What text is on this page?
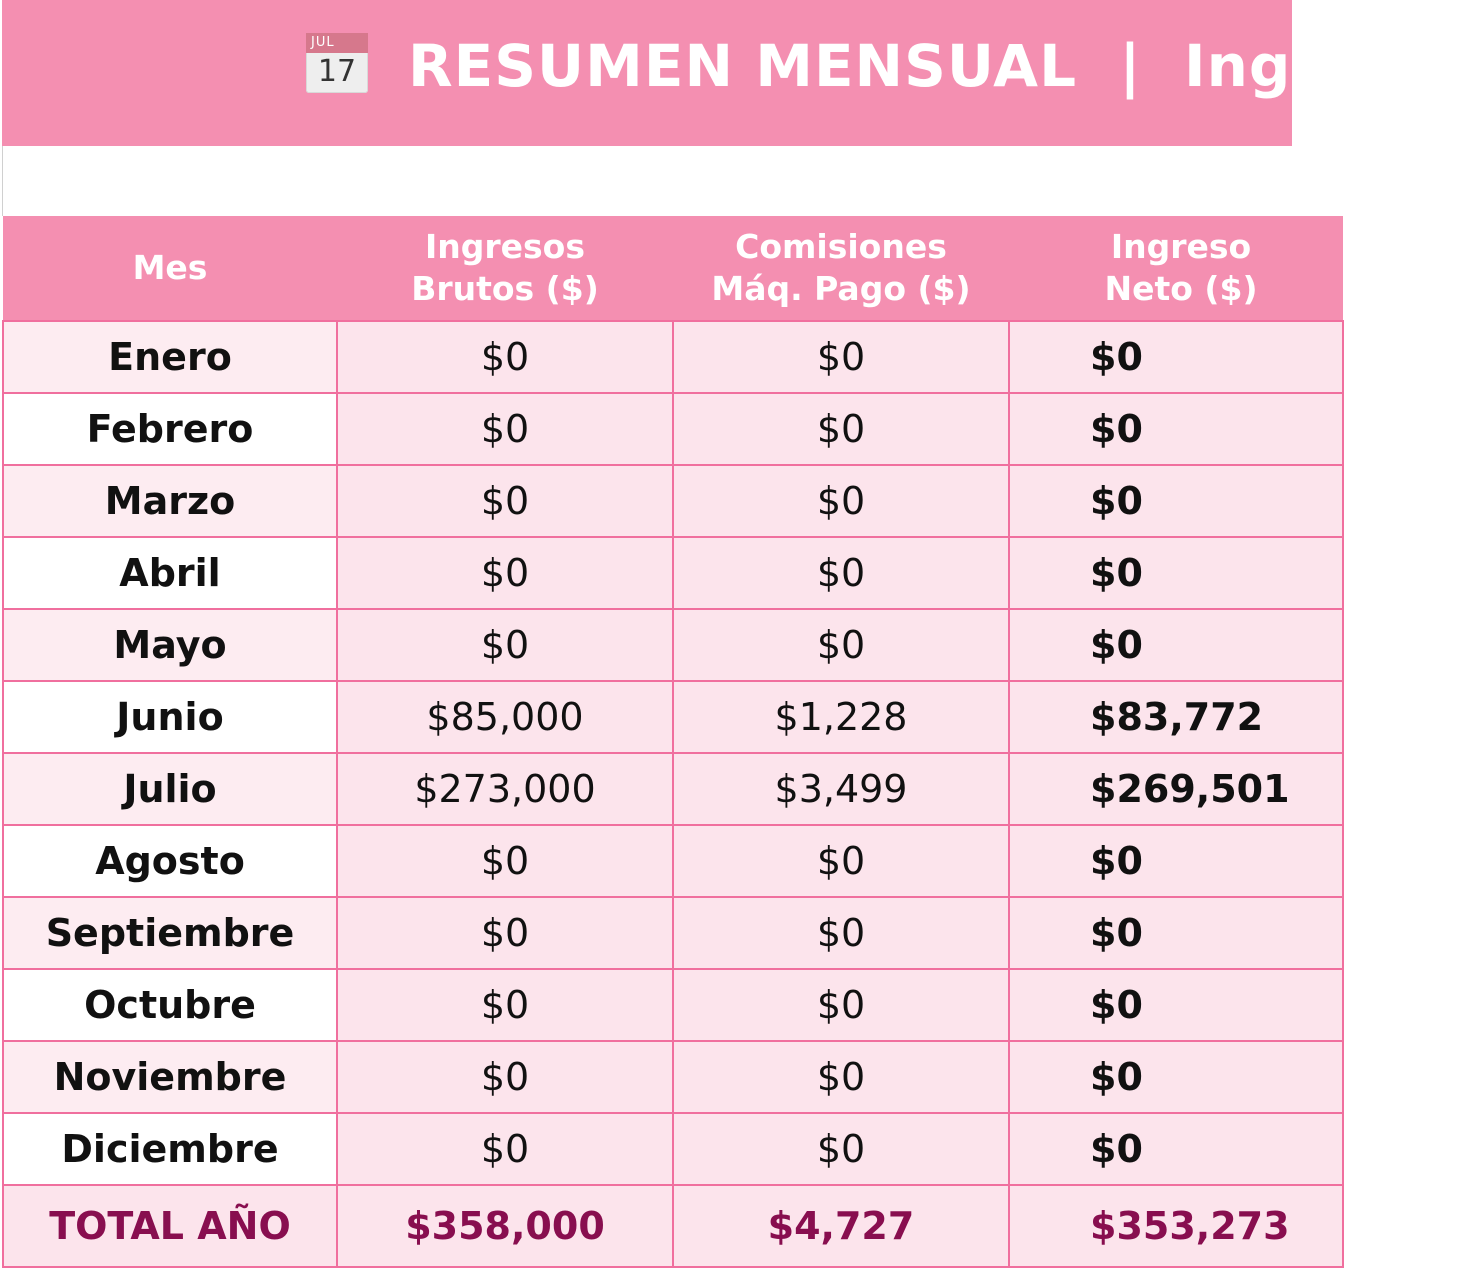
JUL
17 RESUMEN MENSUAL  |  Ingresos
Mes	Ingresos Brutos ($)	Comisiones Máq. Pago ($)	Ingreso Neto ($)
Enero	$0	$0	$0
Febrero	$0	$0	$0
Marzo	$0	$0	$0
Abril	$0	$0	$0
Mayo	$0	$0	$0
Junio	$85,000	$1,228	$83,772
Julio	$273,000	$3,499	$269,501
Agosto	$0	$0	$0
Septiembre	$0	$0	$0
Octubre	$0	$0	$0
Noviembre	$0	$0	$0
Diciembre	$0	$0	$0
TOTAL AÑO	$358,000	$4,727	$353,273
